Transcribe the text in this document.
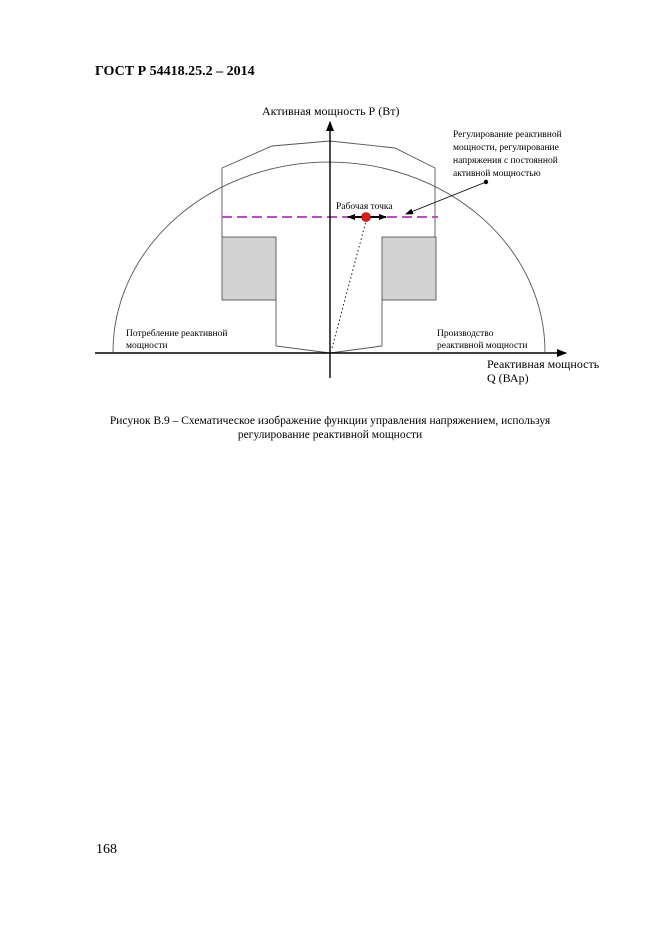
ГОСТ Р 54418.25.2 – 2014
Активная мощность Р (Вт)
Регулирование реактивной
мощности, регулирование
напряжения с постоянной
активной мощностью
Рабочая точка
Потребление реактивной
мощности
Производство
реактивной мощности
Реактивная мощность
Q (ВАр)
Рисунок В.9 – Схематическое изображение функции управления напряжением, используя
регулирование реактивной мощности
168
